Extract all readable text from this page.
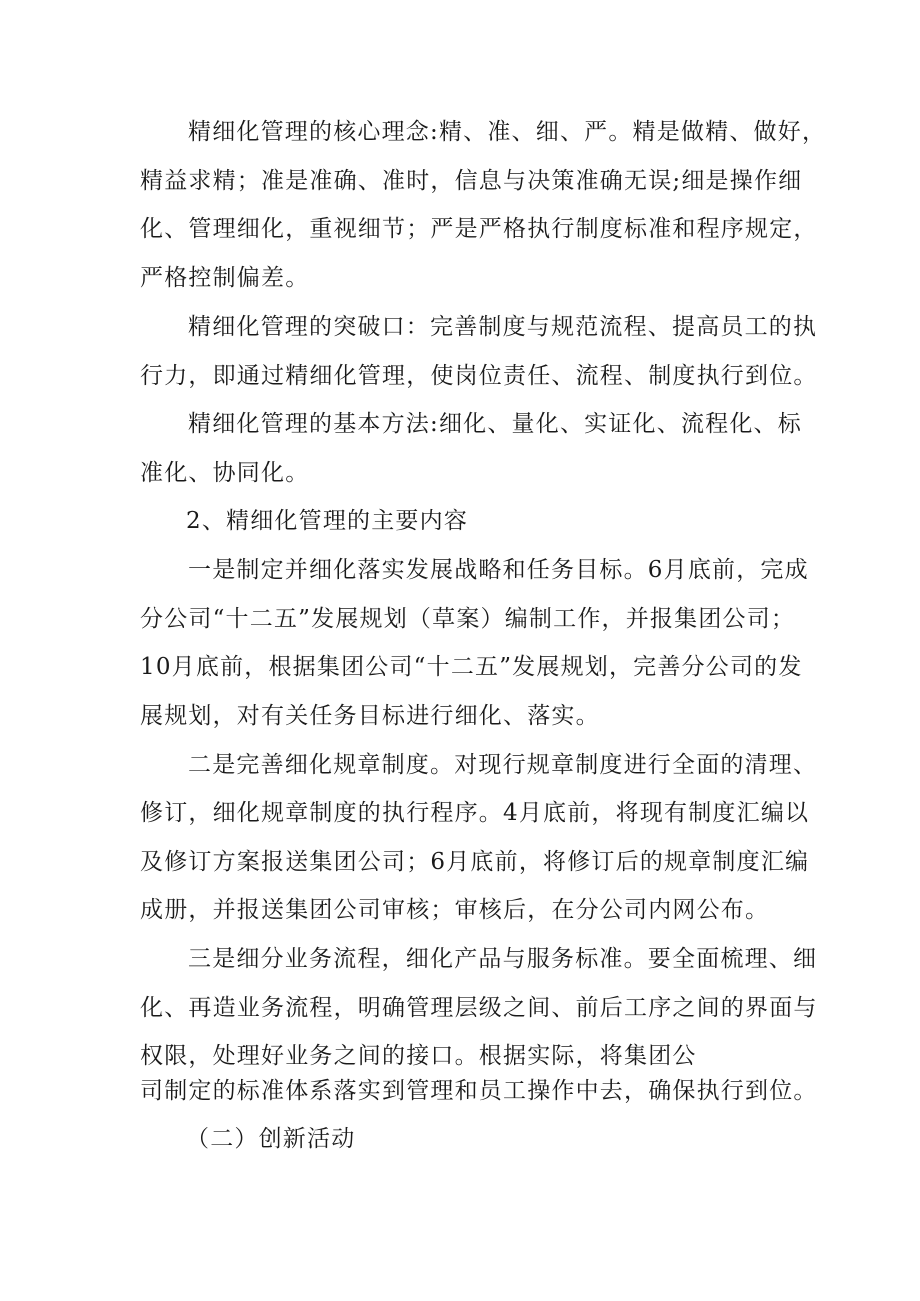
精细化管理的核心理念:精、准、细、严。精是做精、做好，
精益求精；准是准确、准时，信息与决策准确无误;细是操作细
化、管理细化，重视细节；严是严格执行制度标准和程序规定，
严格控制偏差。
精细化管理的突破口：完善制度与规范流程、提高员工的执
行力，即通过精细化管理，使岗位责任、流程、制度执行到位。
精细化管理的基本方法:细化、量化、实证化、流程化、标
准化、协同化。
2、精细化管理的主要内容
一是制定并细化落实发展战略和任务目标。6月底前，完成
分公司“十二五”发展规划（草案）编制工作，并报集团公司；
10月底前，根据集团公司“十二五”发展规划，完善分公司的发
展规划，对有关任务目标进行细化、落实。
二是完善细化规章制度。对现行规章制度进行全面的清理、
修订，细化规章制度的执行程序。4月底前，将现有制度汇编以
及修订方案报送集团公司；6月底前，将修订后的规章制度汇编
成册，并报送集团公司审核；审核后，在分公司内网公布。
三是细分业务流程，细化产品与服务标准。要全面梳理、细
化、再造业务流程，明确管理层级之间、前后工序之间的界面与
权限，处理好业务之间的接口。根据实际，将集团公
司制定的标准体系落实到管理和员工操作中去，确保执行到位。
（二）创新活动
